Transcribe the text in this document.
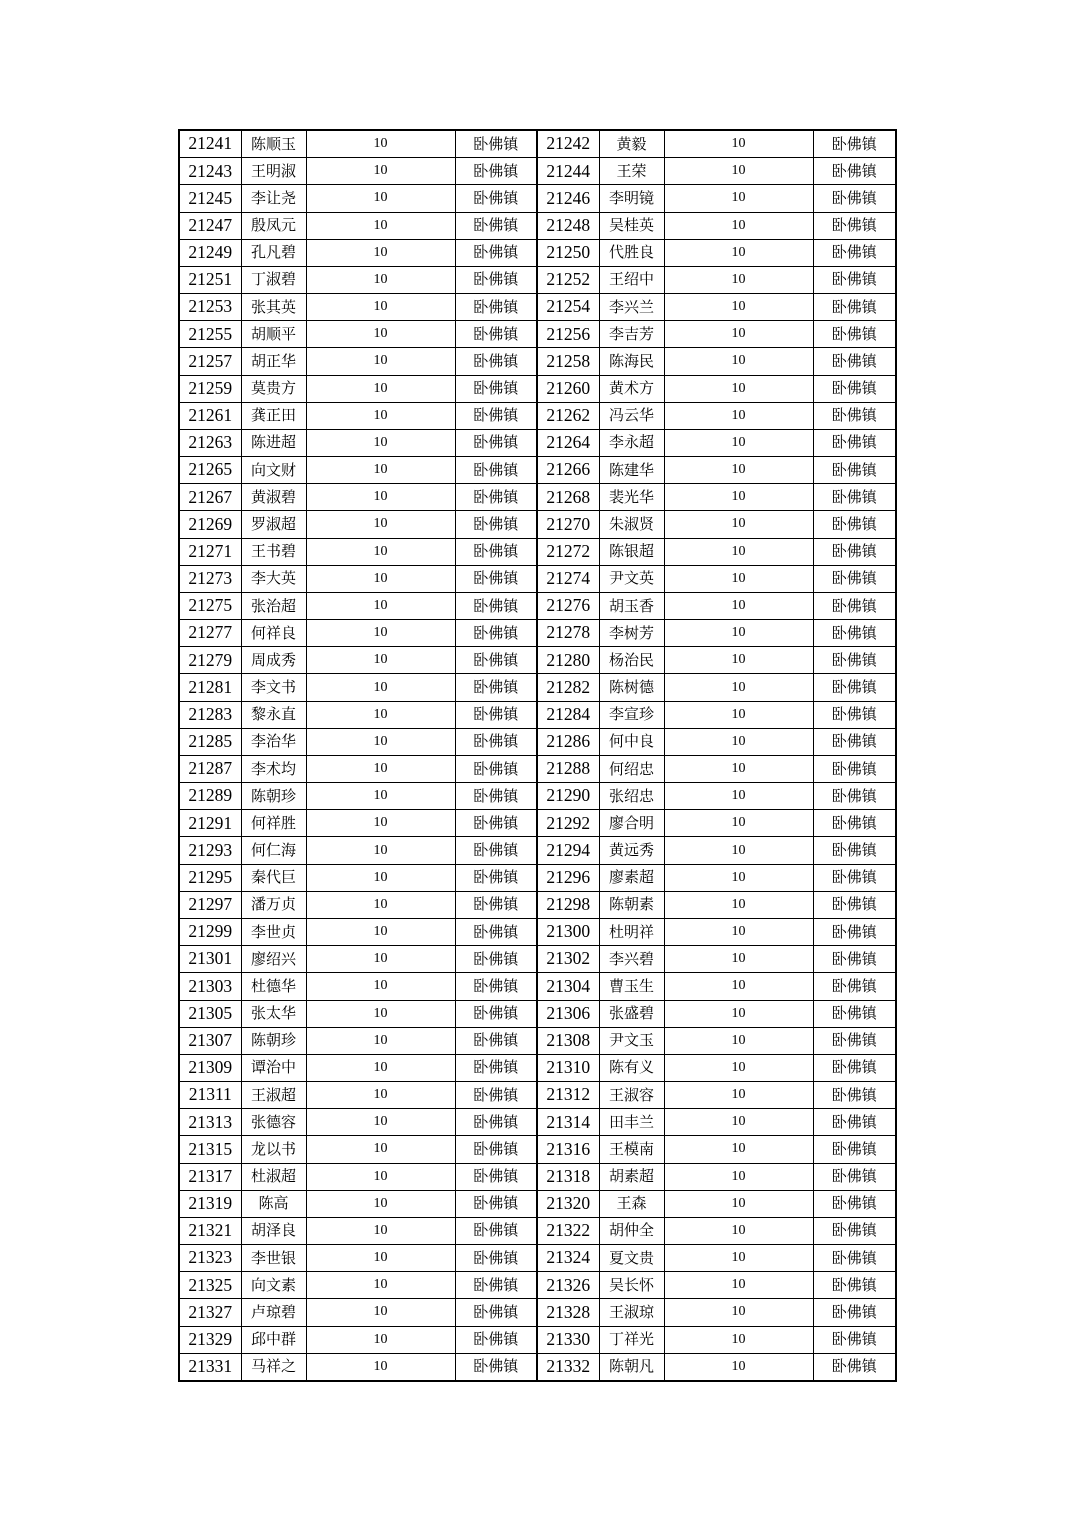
21241	陈顺玉	10	卧佛镇	21242	黄毅	10	卧佛镇
21243	王明淑	10	卧佛镇	21244	王荣	10	卧佛镇
21245	李让尧	10	卧佛镇	21246	李明镜	10	卧佛镇
21247	殷凤元	10	卧佛镇	21248	吴桂英	10	卧佛镇
21249	孔凡碧	10	卧佛镇	21250	代胜良	10	卧佛镇
21251	丁淑碧	10	卧佛镇	21252	王绍中	10	卧佛镇
21253	张其英	10	卧佛镇	21254	李兴兰	10	卧佛镇
21255	胡顺平	10	卧佛镇	21256	李吉芳	10	卧佛镇
21257	胡正华	10	卧佛镇	21258	陈海民	10	卧佛镇
21259	莫贵方	10	卧佛镇	21260	黄术方	10	卧佛镇
21261	龚正田	10	卧佛镇	21262	冯云华	10	卧佛镇
21263	陈进超	10	卧佛镇	21264	李永超	10	卧佛镇
21265	向文财	10	卧佛镇	21266	陈建华	10	卧佛镇
21267	黄淑碧	10	卧佛镇	21268	裴光华	10	卧佛镇
21269	罗淑超	10	卧佛镇	21270	朱淑贤	10	卧佛镇
21271	王书碧	10	卧佛镇	21272	陈银超	10	卧佛镇
21273	李大英	10	卧佛镇	21274	尹文英	10	卧佛镇
21275	张治超	10	卧佛镇	21276	胡玉香	10	卧佛镇
21277	何祥良	10	卧佛镇	21278	李树芳	10	卧佛镇
21279	周成秀	10	卧佛镇	21280	杨治民	10	卧佛镇
21281	李文书	10	卧佛镇	21282	陈树德	10	卧佛镇
21283	黎永直	10	卧佛镇	21284	李宣珍	10	卧佛镇
21285	李治华	10	卧佛镇	21286	何中良	10	卧佛镇
21287	李术均	10	卧佛镇	21288	何绍忠	10	卧佛镇
21289	陈朝珍	10	卧佛镇	21290	张绍忠	10	卧佛镇
21291	何祥胜	10	卧佛镇	21292	廖合明	10	卧佛镇
21293	何仁海	10	卧佛镇	21294	黄远秀	10	卧佛镇
21295	秦代巨	10	卧佛镇	21296	廖素超	10	卧佛镇
21297	潘万贞	10	卧佛镇	21298	陈朝素	10	卧佛镇
21299	李世贞	10	卧佛镇	21300	杜明祥	10	卧佛镇
21301	廖绍兴	10	卧佛镇	21302	李兴碧	10	卧佛镇
21303	杜德华	10	卧佛镇	21304	曹玉生	10	卧佛镇
21305	张太华	10	卧佛镇	21306	张盛碧	10	卧佛镇
21307	陈朝珍	10	卧佛镇	21308	尹文玉	10	卧佛镇
21309	谭治中	10	卧佛镇	21310	陈有义	10	卧佛镇
21311	王淑超	10	卧佛镇	21312	王淑容	10	卧佛镇
21313	张德容	10	卧佛镇	21314	田丰兰	10	卧佛镇
21315	龙以书	10	卧佛镇	21316	王模南	10	卧佛镇
21317	杜淑超	10	卧佛镇	21318	胡素超	10	卧佛镇
21319	陈高	10	卧佛镇	21320	王森	10	卧佛镇
21321	胡泽良	10	卧佛镇	21322	胡仲全	10	卧佛镇
21323	李世银	10	卧佛镇	21324	夏文贵	10	卧佛镇
21325	向文素	10	卧佛镇	21326	吴长怀	10	卧佛镇
21327	卢琼碧	10	卧佛镇	21328	王淑琼	10	卧佛镇
21329	邱中群	10	卧佛镇	21330	丁祥光	10	卧佛镇
21331	马祥之	10	卧佛镇	21332	陈朝凡	10	卧佛镇
